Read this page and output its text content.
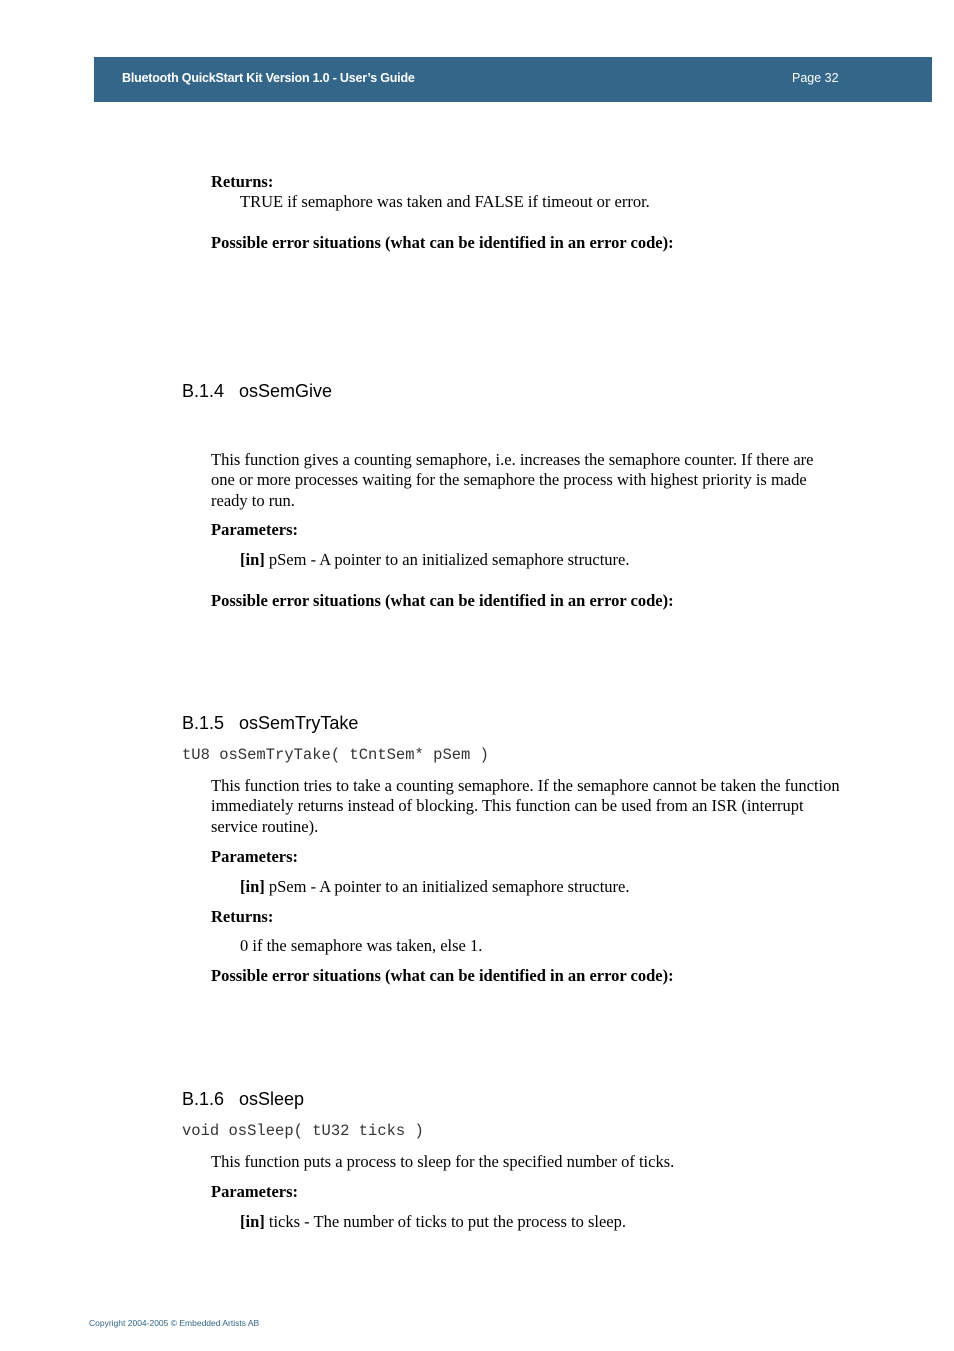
Bluetooth QuickStart Kit Version 1.0 - User’s Guide	Page 32
Returns:
TRUE if semaphore was taken and FALSE if timeout or error.
Possible error situations (what can be identified in an error code):
B.1.4 osSemGive
This function gives a counting semaphore, i.e. increases the semaphore counter. If there are one or more processes waiting for the semaphore the process with highest priority is made ready to run.
Parameters:
[in] pSem - A pointer to an initialized semaphore structure.
Possible error situations (what can be identified in an error code):
B.1.5 osSemTryTake
tU8 osSemTryTake( tCntSem* pSem )
This function tries to take a counting semaphore. If the semaphore cannot be taken the function immediately returns instead of blocking. This function can be used from an ISR (interrupt service routine).
Parameters:
[in] pSem - A pointer to an initialized semaphore structure.
Returns:
0 if the semaphore was taken, else 1.
Possible error situations (what can be identified in an error code):
B.1.6 osSleep
void osSleep( tU32 ticks )
This function puts a process to sleep for the specified number of ticks.
Parameters:
[in] ticks - The number of ticks to put the process to sleep.
Copyright 2004-2005 © Embedded Artists AB
